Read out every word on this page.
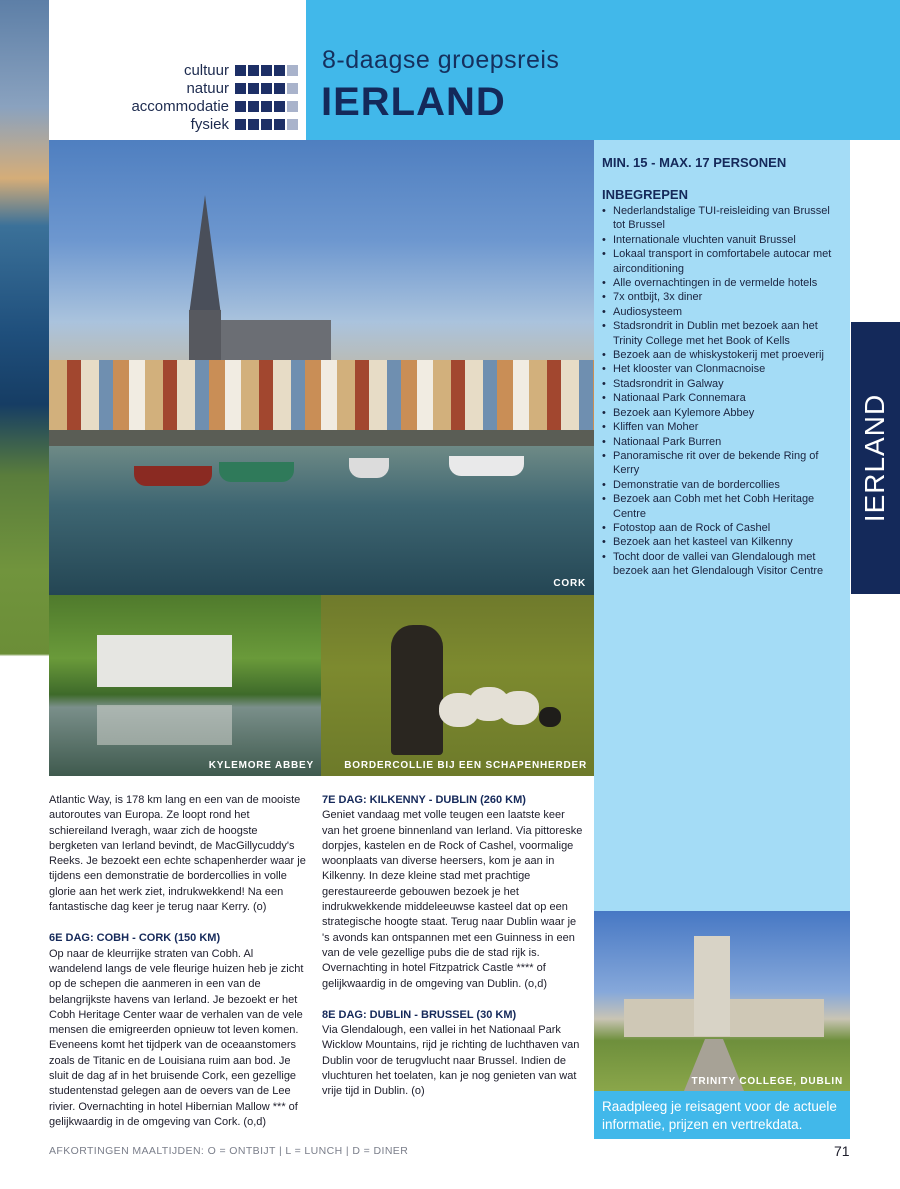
cultuur
natuur
accommodatie
fysiek
8-daagse groepsreis
IERLAND
CORK
MIN. 15 - MAX. 17 PERSONEN
INBEGREPEN
• Nederlandstalige TUI-reisleiding van Brussel tot Brussel
• Internationale vluchten vanuit Brussel
• Lokaal transport in comfortabele autocar met airconditioning
• Alle overnachtingen in de vermelde hotels
• 7x ontbijt, 3x diner
• Audiosysteem
• Stadsrondrit in Dublin met bezoek aan het Trinity College met het Book of Kells
• Bezoek aan de whiskystokerij met proeverij
• Het klooster van Clonmacnoise
• Stadsrondrit in Galway
• Nationaal Park Connemara
• Bezoek aan Kylemore Abbey
• Kliffen van Moher
• Nationaal Park Burren
• Panoramische rit over de bekende Ring of Kerry
• Demonstratie van de bordercollies
• Bezoek aan Cobh met het Cobh Heritage Centre
• Fotostop aan de Rock of Cashel
• Bezoek aan het kasteel van Kilkenny
• Tocht door de vallei van Glendalough met bezoek aan het Glendalough Visitor Centre
IERLAND
KYLEMORE ABBEY	BORDERCOLLIE BIJ EEN SCHAPENHERDER

Atlantic Way, is 178 km lang en een van de mooiste autoroutes van Europa. Ze loopt rond het schiereiland Iveragh, waar zich de hoogste bergketen van Ierland bevindt, de MacGillycuddy's Reeks. Je bezoekt een echte schapenherder waar je tijdens een demonstratie de bordercollies in volle glorie aan het werk ziet, indrukwekkend! Na een fantastische dag keer je terug naar Kerry. (o)

6E DAG: COBH - CORK (150 KM)

Op naar de kleurrijke straten van Cobh. Al wandelend langs de vele fleurige huizen heb je zicht op de schepen die aanmeren in een van de belangrijkste havens van Ierland. Je bezoekt er het Cobh Heritage Center waar de verhalen van de vele mensen die emigreerden opnieuw tot leven komen. Eveneens komt het tijdperk van de oceaanstomers zoals de Titanic en de Louisiana ruim aan bod. Je sluit de dag af in het bruisende Cork, een gezellige studentenstad gelegen aan de oevers van de Lee rivier. Overnachting in hotel Hibernian Mallow *** of gelijkwaardig in de omgeving van Cork. (o,d)

7E DAG: KILKENNY - DUBLIN (260 KM)

Geniet vandaag met volle teugen een laatste keer van het groene binnenland van Ierland. Via pittoreske dorpjes, kastelen en de Rock of Cashel, voormalige woonplaats van diverse heersers, kom je aan in Kilkenny. In deze kleine stad met prachtige gerestaureerde gebouwen bezoek je het indrukwekkende middeleeuwse kasteel dat op een strategische hoogte staat. Terug naar Dublin waar je 's avonds kan ontspannen met een Guinness in een van de vele gezellige pubs die de stad rijk is. Overnachting in hotel Fitzpatrick Castle **** of gelijkwaardig in de omgeving van Dublin. (o,d)

8E DAG: DUBLIN - BRUSSEL (30 KM)

Via Glendalough, een vallei in het Nationaal Park Wicklow Mountains, rijd je richting de luchthaven van Dublin voor de terugvlucht naar Brussel. Indien de vluchturen het toelaten, kan je nog genieten van wat vrije tijd in Dublin. (o)

TRINITY COLLEGE, DUBLIN
Raadpleeg je reisagent voor de actuele
informatie, prijzen en vertrekdata.
AFKORTINGEN MAALTIJDEN: O = ONTBIJT | L = LUNCH | D = DINER	71
